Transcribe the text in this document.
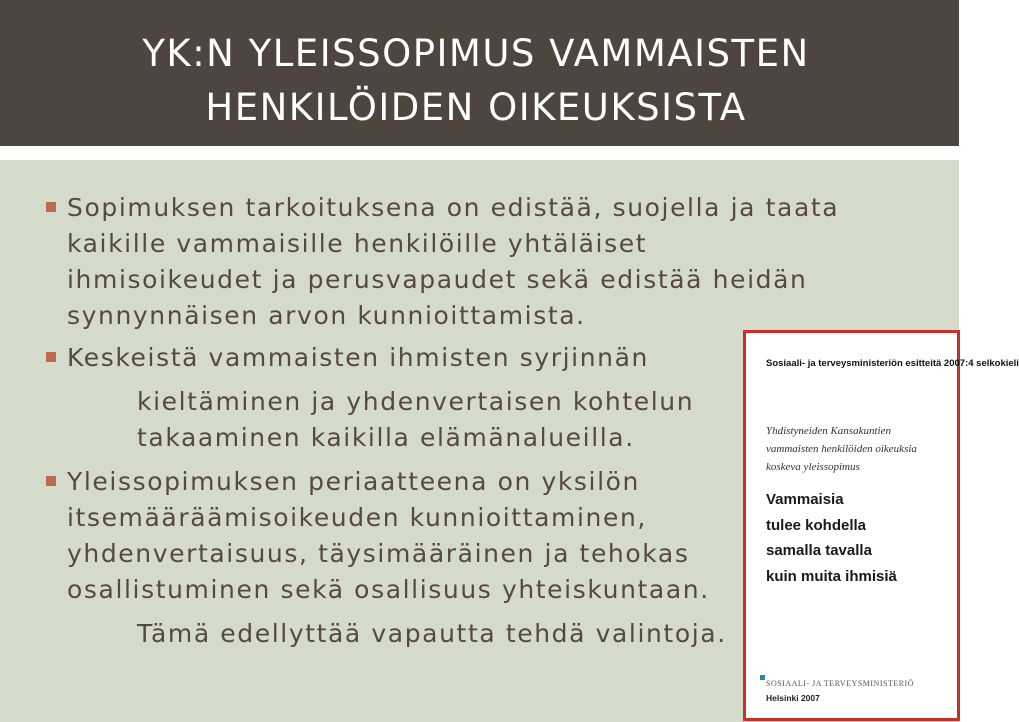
YK:N YLEISSOPIMUS VAMMAISTEN
HENKILÖIDEN OIKEUKSISTA
Sopimuksen tarkoituksena on edistää, suojella ja taata
kaikille vammaisille henkilöille yhtäläiset
ihmisoikeudet ja perusvapaudet sekä edistää heidän
synnynnäisen arvon kunnioittamista.
Keskeistä vammaisten ihmisten syrjinnän
kieltäminen ja yhdenvertaisen kohtelun
takaaminen kaikilla elämänalueilla.
Yleissopimuksen periaatteena on yksilön
itsemääräämisoikeuden kunnioittaminen,
yhdenvertaisuus, täysimääräinen ja tehokas
osallistuminen sekä osallisuus yhteiskuntaan.
Tämä edellyttää vapautta tehdä valintoja.
Sosiaali- ja terveysministeriön esitteitä 2007:4 selkokieli
Yhdistyneiden Kansakuntien
vammaisten henkilöiden oikeuksia
koskeva yleissopimus
Vammaisia
tulee kohdella
samalla tavalla
kuin muita ihmisiä
SOSIAALI- JA TERVEYSMINISTERIÖ
Helsinki 2007
